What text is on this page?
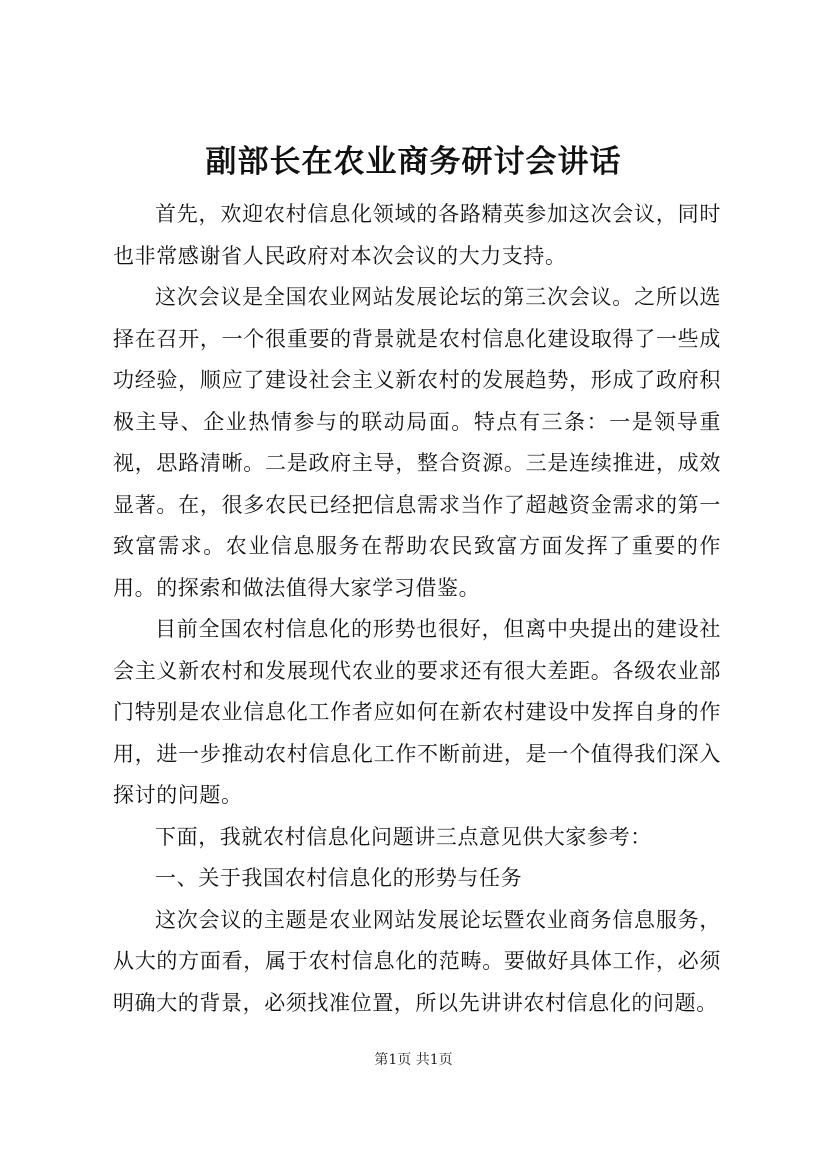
副部长在农业商务研讨会讲话

首先，欢迎农村信息化领域的各路精英参加这次会议，同时也非常感谢省人民政府对本次会议的大力支持。

这次会议是全国农业网站发展论坛的第三次会议。之所以选择在召开，一个很重要的背景就是农村信息化建设取得了一些成功经验，顺应了建设社会主义新农村的发展趋势，形成了政府积极主导、企业热情参与的联动局面。特点有三条：一是领导重视，思路清晰。二是政府主导，整合资源。三是连续推进，成效显著。在，很多农民已经把信息需求当作了超越资金需求的第一致富需求。农业信息服务在帮助农民致富方面发挥了重要的作用。的探索和做法值得大家学习借鉴。

目前全国农村信息化的形势也很好，但离中央提出的建设社会主义新农村和发展现代农业的要求还有很大差距。各级农业部门特别是农业信息化工作者应如何在新农村建设中发挥自身的作用，进一步推动农村信息化工作不断前进，是一个值得我们深入探讨的问题。

下面，我就农村信息化问题讲三点意见供大家参考：

一、关于我国农村信息化的形势与任务

这次会议的主题是农业网站发展论坛暨农业商务信息服务，从大的方面看，属于农村信息化的范畴。要做好具体工作，必须明确大的背景，必须找准位置，所以先讲讲农村信息化的问题。

第1页 共1页
